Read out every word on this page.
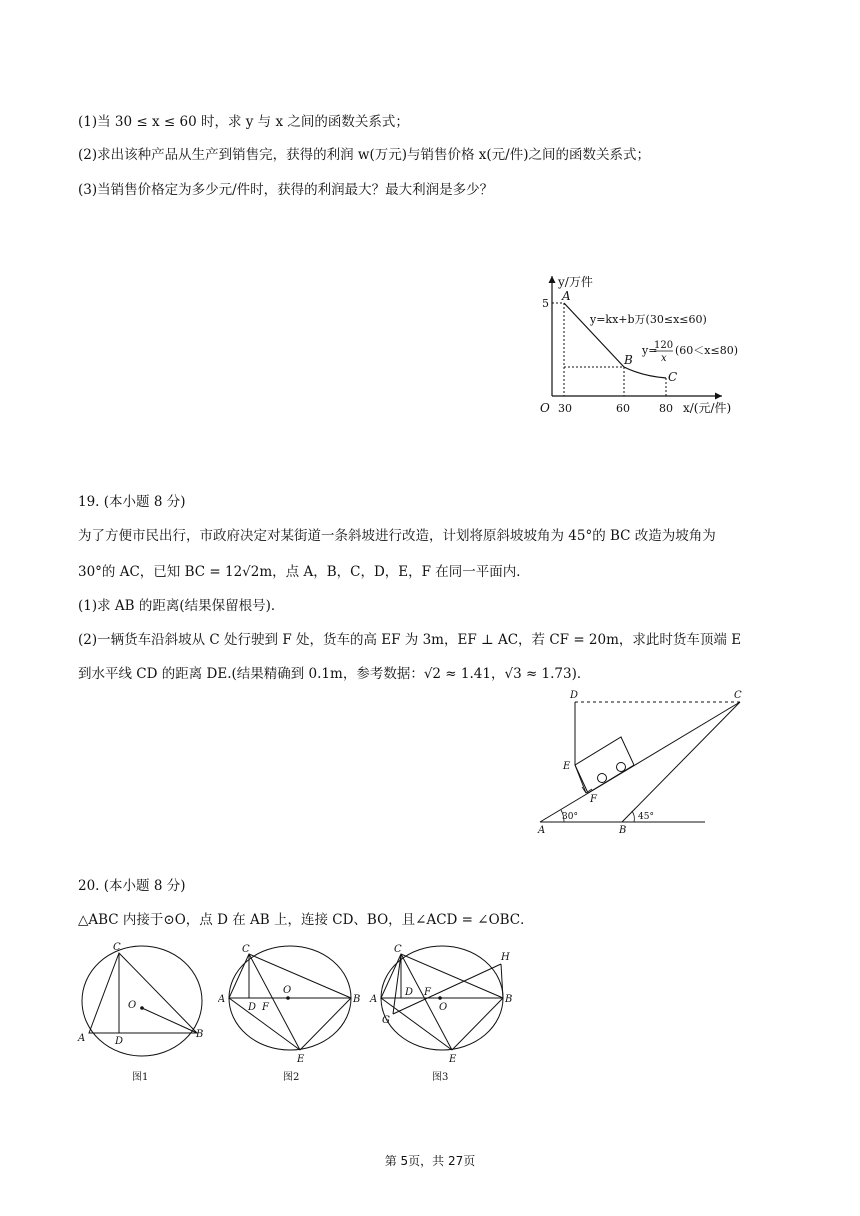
(1)当 30 ≤ x ≤ 60 时，求 y 与 x 之间的函数关系式；
(2)求出该种产品从生产到销售完，获得的利润 w(万元)与销售价格 x(元/件)之间的函数关系式；
(3)当销售价格定为多少元/件时，获得的利润最大？最大利润是多少？
y/万件
x/(元/件)
O
5
30	60	80
A
B
C
y=kx+b万(30≤x≤60)
y=
120
x
(60＜x≤80)
19. (本小题 8 分)
为了方便市民出行，市政府决定对某街道一条斜坡进行改造，计划将原斜坡坡角为 45°的 BC 改造为坡角为
30°的 AC，已知 BC = 12√2m，点 A，B，C，D，E，F 在同一平面内．
(1)求 AB 的距离(结果保留根号)．
(2)一辆货车沿斜坡从 C 处行驶到 F 处，货车的高 EF 为 3m，EF ⊥ AC，若 CF = 20m，求此时货车顶端 E
到水平线 CD 的距离 DE.(结果精确到 0.1m，参考数据：√2 ≈ 1.41，√3 ≈ 1.73)．
A	B
C
D
E
F
30°	45°
20. (本小题 8 分)
△ABC 内接于⊙O，点 D 在 AB 上，连接 CD、BO，且∠ACD = ∠OBC．
A	B
C
D
O
图1
A	B
C
D F
O
E
图2
A	B
C
D F
O
G
H
E
图3
第 5页，共 27页
